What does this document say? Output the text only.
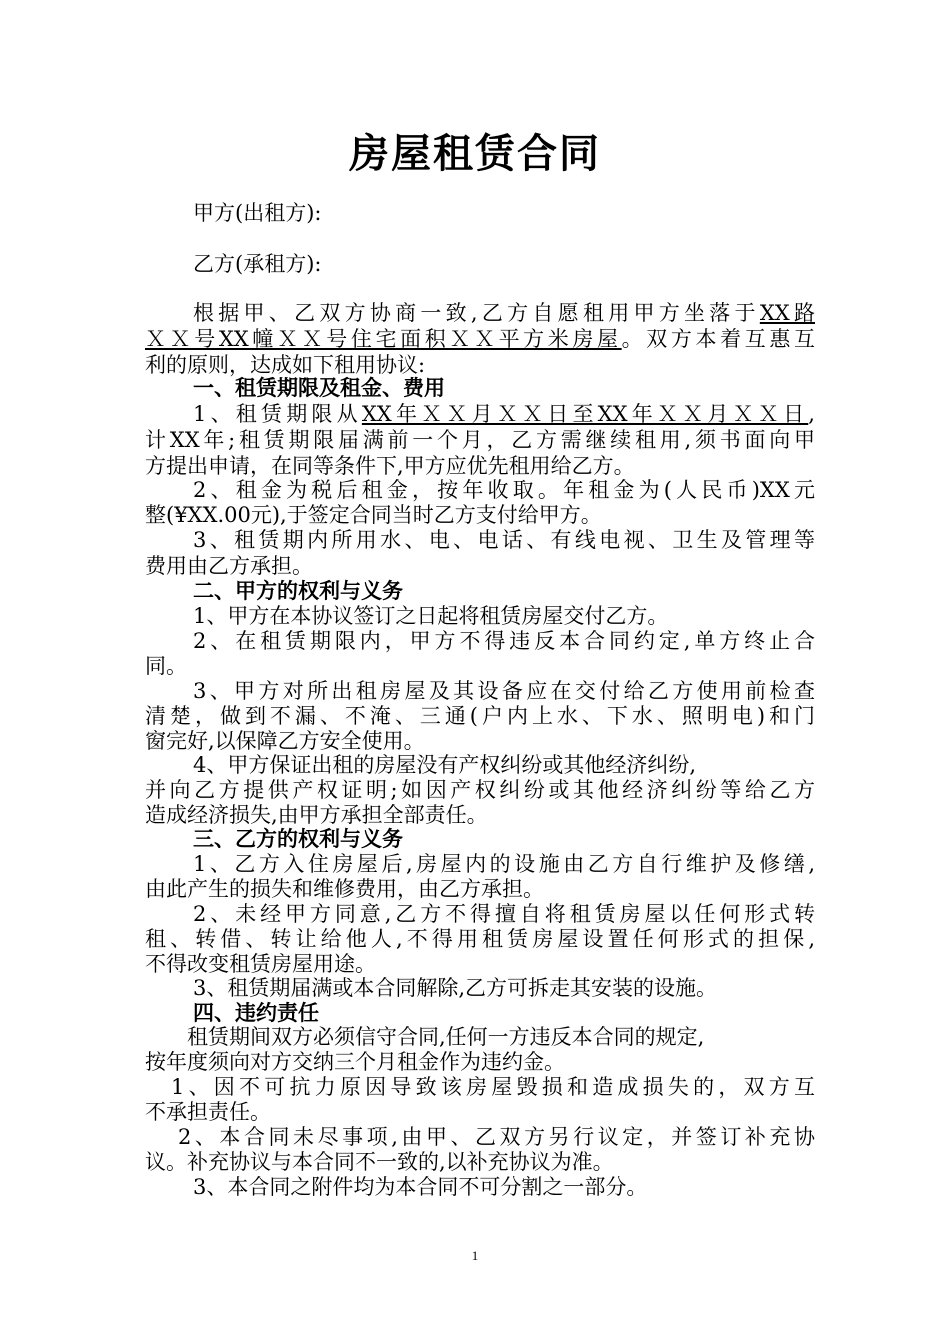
房屋租赁合同
甲方(出租方):
乙方(承租方):
根据甲、乙双方协商一致,乙方自愿租用甲方坐落于XX路
ＸＸ号XX幢ＸＸ号住宅面积ＸＸ平方米房屋。双方本着互惠互
利的原则，达成如下租用协议:
一、租赁期限及租金、费用
1、租赁期限从XX年ＸＸ月ＸＸ日至XX年ＸＸ月ＸＸ日,
计XX年;租赁期限届满前一个月，乙方需继续租用,须书面向甲
方提出申请，在同等条件下,甲方应优先租用给乙方。
2、租金为税后租金，按年收取。年租金为(人民币)XX元
整(¥XX.00元),于签定合同当时乙方支付给甲方。
3、租赁期内所用水、电、电话、有线电视、卫生及管理等
费用由乙方承担。
二、甲方的权利与义务
1、甲方在本协议签订之日起将租赁房屋交付乙方。
2、在租赁期限内，甲方不得违反本合同约定,单方终止合
同。
3、甲方对所出租房屋及其设备应在交付给乙方使用前检查
清楚，做到不漏、不淹、三通(户内上水、下水、照明电)和门
窗完好,以保障乙方安全使用。
4、甲方保证出租的房屋没有产权纠纷或其他经济纠纷,
并向乙方提供产权证明;如因产权纠纷或其他经济纠纷等给乙方
造成经济损失,由甲方承担全部责任。
三、乙方的权利与义务
1、乙方入住房屋后,房屋内的设施由乙方自行维护及修缮,
由此产生的损失和维修费用，由乙方承担。
2、未经甲方同意,乙方不得擅自将租赁房屋以任何形式转
租、转借、转让给他人,不得用租赁房屋设置任何形式的担保,
不得改变租赁房屋用途。
3、租赁期届满或本合同解除,乙方可拆走其安装的设施。
四、违约责任
租赁期间双方必须信守合同,任何一方违反本合同的规定,
按年度须向对方交纳三个月租金作为违约金。
1、因不可抗力原因导致该房屋毁损和造成损失的，双方互
不承担责任。
2、本合同未尽事项,由甲、乙双方另行议定，并签订补充协
议。补充协议与本合同不一致的,以补充协议为准。
3、本合同之附件均为本合同不可分割之一部分。
1
